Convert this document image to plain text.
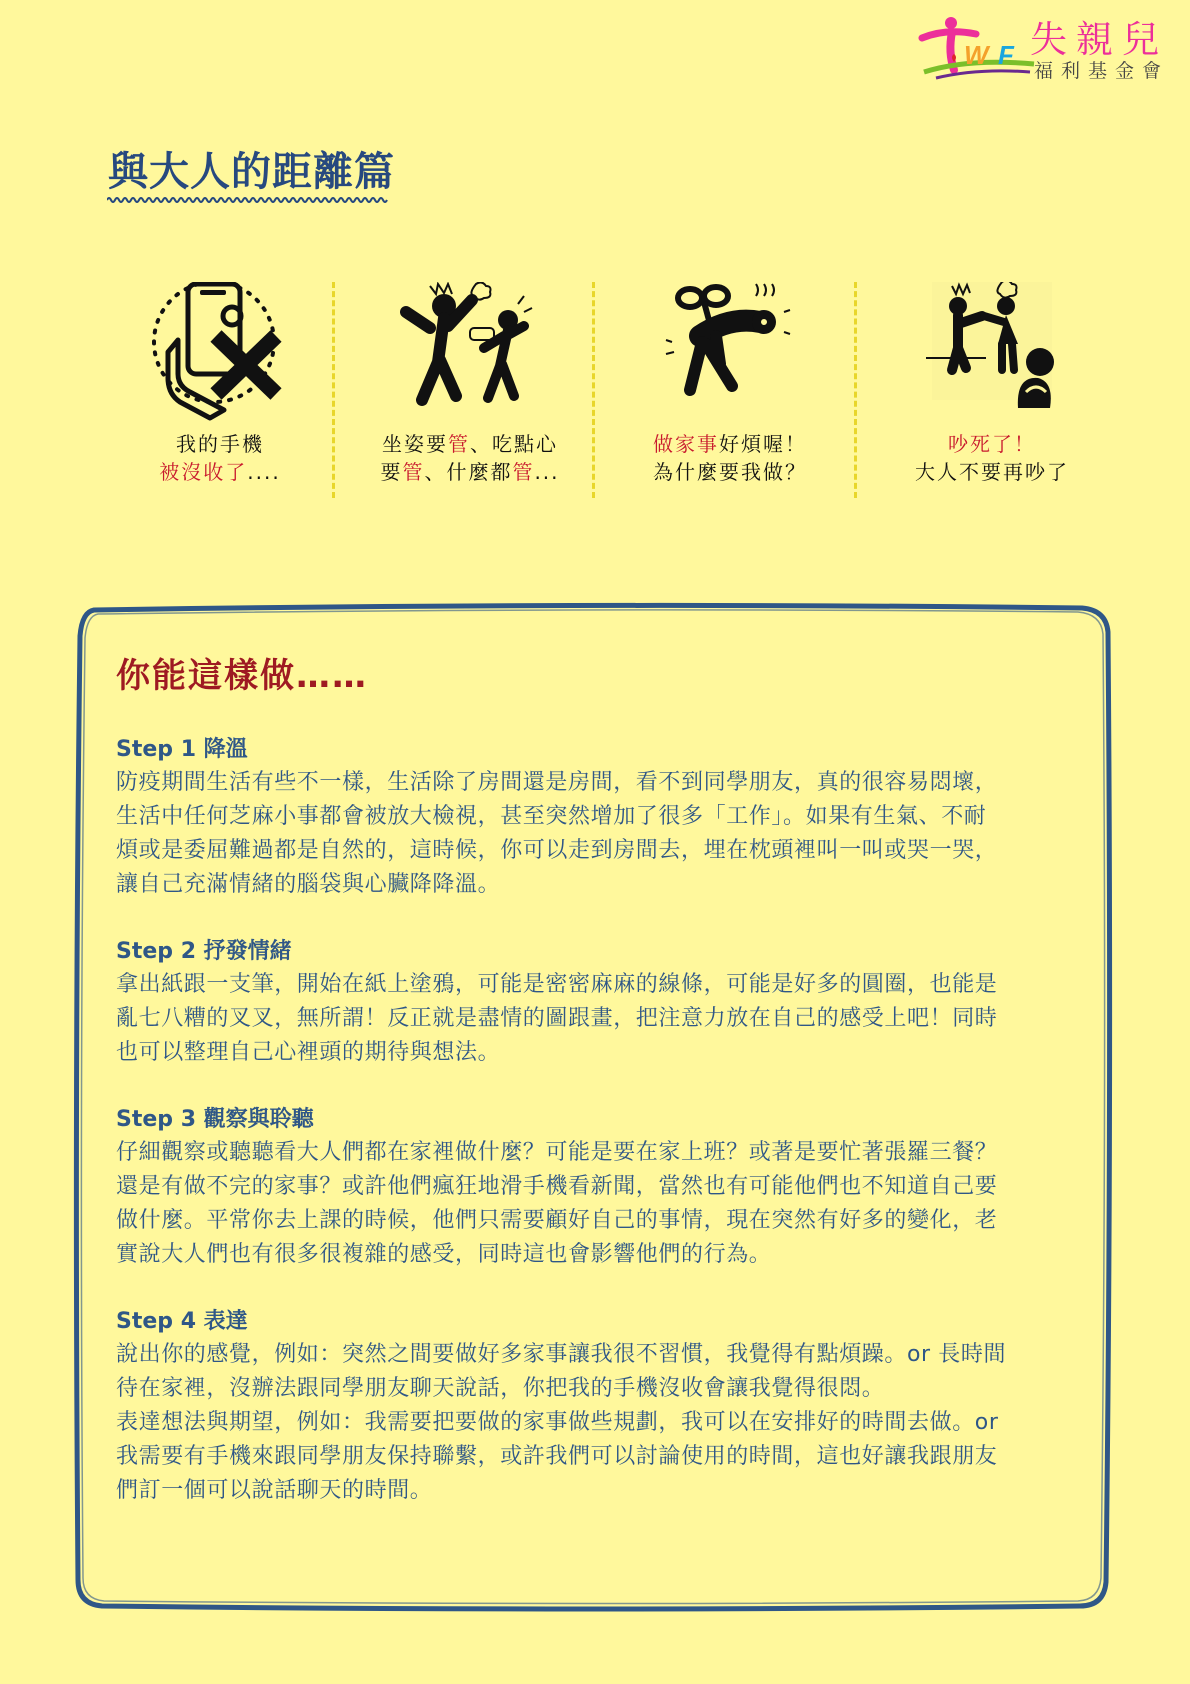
W F 失親兒
福利基金會
與大人的距離篇
我的手機
被沒收了....
坐姿要管、吃點心
要管、什麼都管...
做家事好煩喔！
為什麼要我做？
吵死了！
大人不要再吵了
你能這樣做……
Step 1 降溫

防疫期間生活有些不一樣，生活除了房間還是房間，看不到同學朋友，真的很容易悶壞，

生活中任何芝麻小事都會被放大檢視，甚至突然增加了很多「工作」。如果有生氣、不耐

煩或是委屈難過都是自然的，這時候，你可以走到房間去，埋在枕頭裡叫一叫或哭一哭，

讓自己充滿情緒的腦袋與心臟降降溫。

Step 2 抒發情緒

拿出紙跟一支筆，開始在紙上塗鴉，可能是密密麻麻的線條，可能是好多的圓圈，也能是

亂七八糟的叉叉，無所謂！反正就是盡情的圖跟畫，把注意力放在自己的感受上吧！同時

也可以整理自己心裡頭的期待與想法。

Step 3 觀察與聆聽

仔細觀察或聽聽看大人們都在家裡做什麼？可能是要在家上班？或著是要忙著張羅三餐？

還是有做不完的家事？或許他們瘋狂地滑手機看新聞，當然也有可能他們也不知道自己要

做什麼。平常你去上課的時候，他們只需要顧好自己的事情，現在突然有好多的變化，老

實說大人們也有很多很複雜的感受，同時這也會影響他們的行為。

Step 4 表達

說出你的感覺，例如：突然之間要做好多家事讓我很不習慣，我覺得有點煩躁。or 長時間

待在家裡，沒辦法跟同學朋友聊天說話，你把我的手機沒收會讓我覺得很悶。

表達想法與期望，例如：我需要把要做的家事做些規劃，我可以在安排好的時間去做。or

我需要有手機來跟同學朋友保持聯繫，或許我們可以討論使用的時間，這也好讓我跟朋友

們訂一個可以說話聊天的時間。
